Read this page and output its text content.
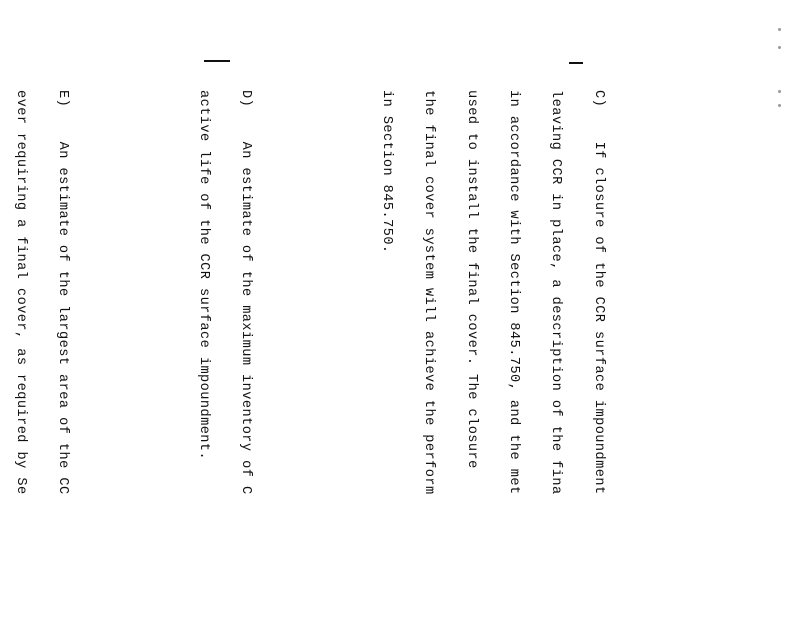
C)    If closure of the CCR surface impoundment

leaving CCR in place, a description of the fina

in accordance with Section 845.750, and the met

used to install the final cover. The closure

the final cover system will achieve the perform

in Section 845.750.

D)    An estimate of the maximum inventory of C

active life of the CCR surface impoundment.

E)    An estimate of the largest area of the CC

ever requiring a final cover, as required by Se
